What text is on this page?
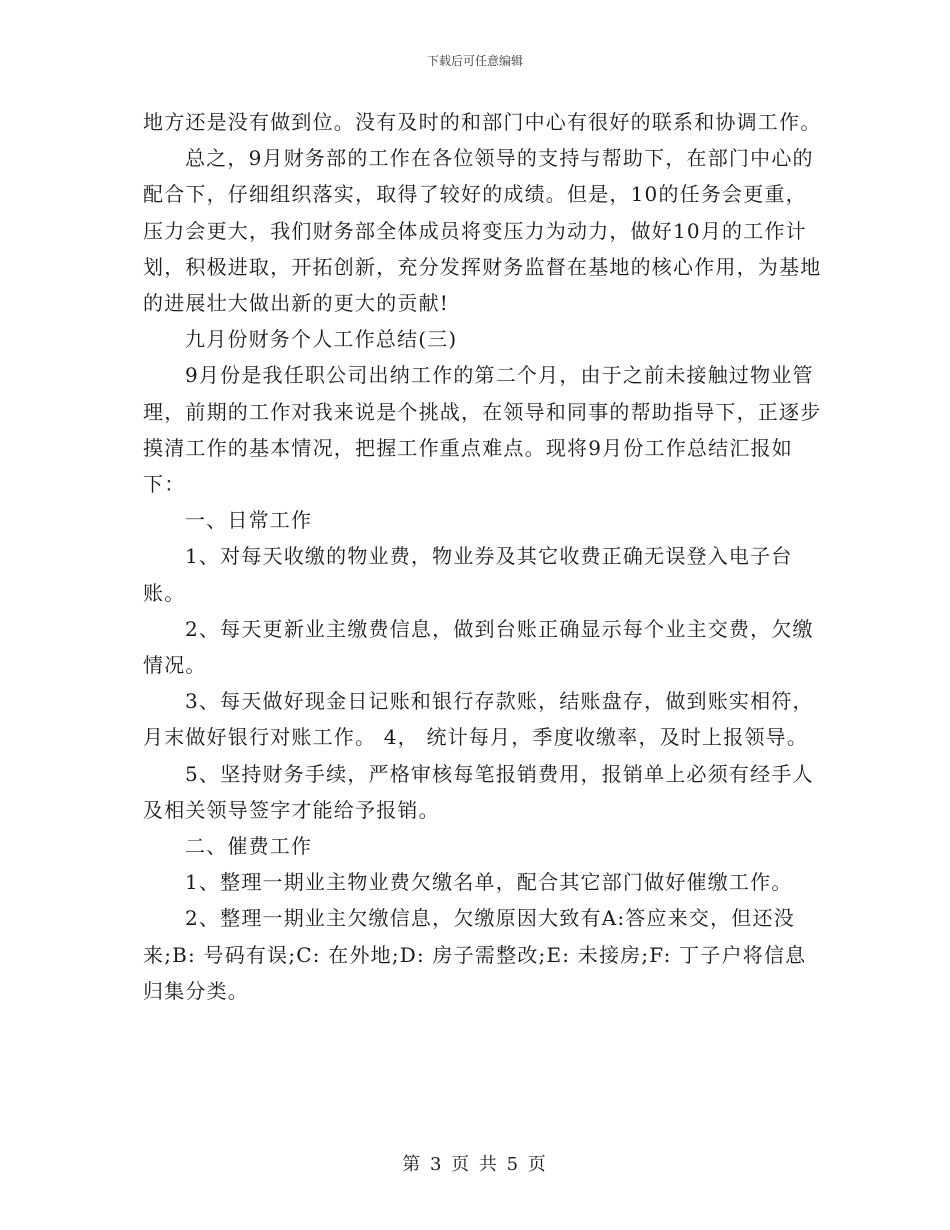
下载后可任意编辑

地方还是没有做到位。没有及时的和部门中心有很好的联系和协调工作。

总之，9月财务部的工作在各位领导的支持与帮助下，在部门中心的配合下，仔细组织落实，取得了较好的成绩。但是，10的任务会更重，压力会更大，我们财务部全体成员将变压力为动力，做好10月的工作计划，积极进取，开拓创新，充分发挥财务监督在基地的核心作用，为基地的进展壮大做出新的更大的贡献!

九月份财务个人工作总结(三)

9月份是我任职公司出纳工作的第二个月，由于之前未接触过物业管理，前期的工作对我来说是个挑战，在领导和同事的帮助指导下，正逐步摸清工作的基本情况，把握工作重点难点。现将9月份工作总结汇报如下：

一、日常工作

1、对每天收缴的物业费，物业券及其它收费正确无误登入电子台账。

2、每天更新业主缴费信息，做到台账正确显示每个业主交费，欠缴情况。

3、每天做好现金日记账和银行存款账，结账盘存，做到账实相符，月末做好银行对账工作。 4， 统计每月，季度收缴率，及时上报领导。

5、坚持财务手续，严格审核每笔报销费用，报销单上必须有经手人及相关领导签字才能给予报销。

二、催费工作

1、整理一期业主物业费欠缴名单，配合其它部门做好催缴工作。

2、整理一期业主欠缴信息，欠缴原因大致有A:答应来交，但还没来;B: 号码有误;C: 在外地;D: 房子需整改;E: 未接房;F: 丁子户将信息归集分类。

第 3 页 共 5 页
